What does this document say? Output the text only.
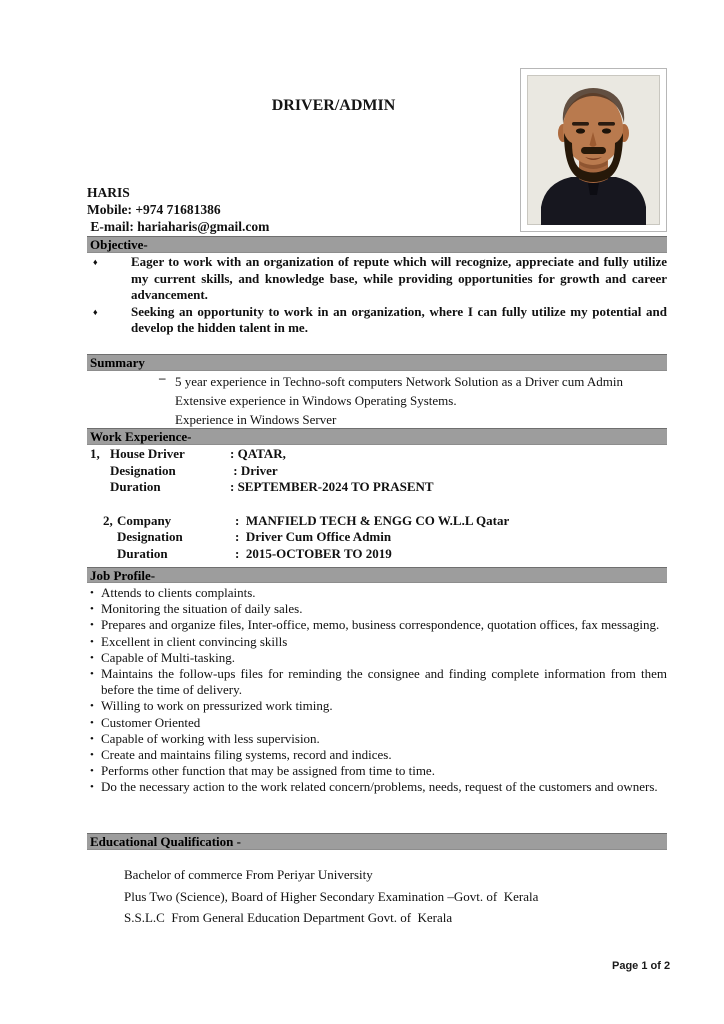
DRIVER/ADMIN
HARIS
Mobile: +974 71681386
E-mail: hariaharis@gmail.com
Objective-
♦	Eager to work with an organization of repute which will recognize, appreciate and fully utilize my current skills, and knowledge base, while providing opportunities for growth and career advancement.
♦	Seeking an opportunity to work in an organization, where I can fully utilize my potential and develop the hidden talent in me.
Summary
– 5 year experience in Techno-soft computers Network Solution as a Driver cum Admin
Extensive experience in Windows Operating Systems.
Experience in Windows Server
Work Experience-
1, House Driver	: QATAR,
Designation	: Driver
Duration	: SEPTEMBER-2024 TO PRASENT
2, Company	:  MANFIELD TECH & ENGG CO W.L.L Qatar
Designation	:  Driver Cum Office Admin
Duration	:  2015-OCTOBER TO 2019
Job Profile-
• Attends to clients complaints.
• Monitoring the situation of daily sales.
• Prepares and organize files, Inter-office, memo, business correspondence, quotation offices, fax messaging.
• Excellent in client convincing skills
• Capable of Multi-tasking.
• Maintains the follow-ups files for reminding the consignee and finding complete information from them before the time of delivery.
• Willing to work on pressurized work timing.
• Customer Oriented
• Capable of working with less supervision.
• Create and maintains filing systems, record and indices.
• Performs other function that may be assigned from time to time.
• Do the necessary action to the work related concern/problems, needs, request of the customers and owners.
Educational Qualification -
Bachelor of commerce From Periyar University
Plus Two (Science), Board of Higher Secondary Examination –Govt. of  Kerala
S.S.L.C  From General Education Department Govt. of  Kerala
Page 1 of 2
